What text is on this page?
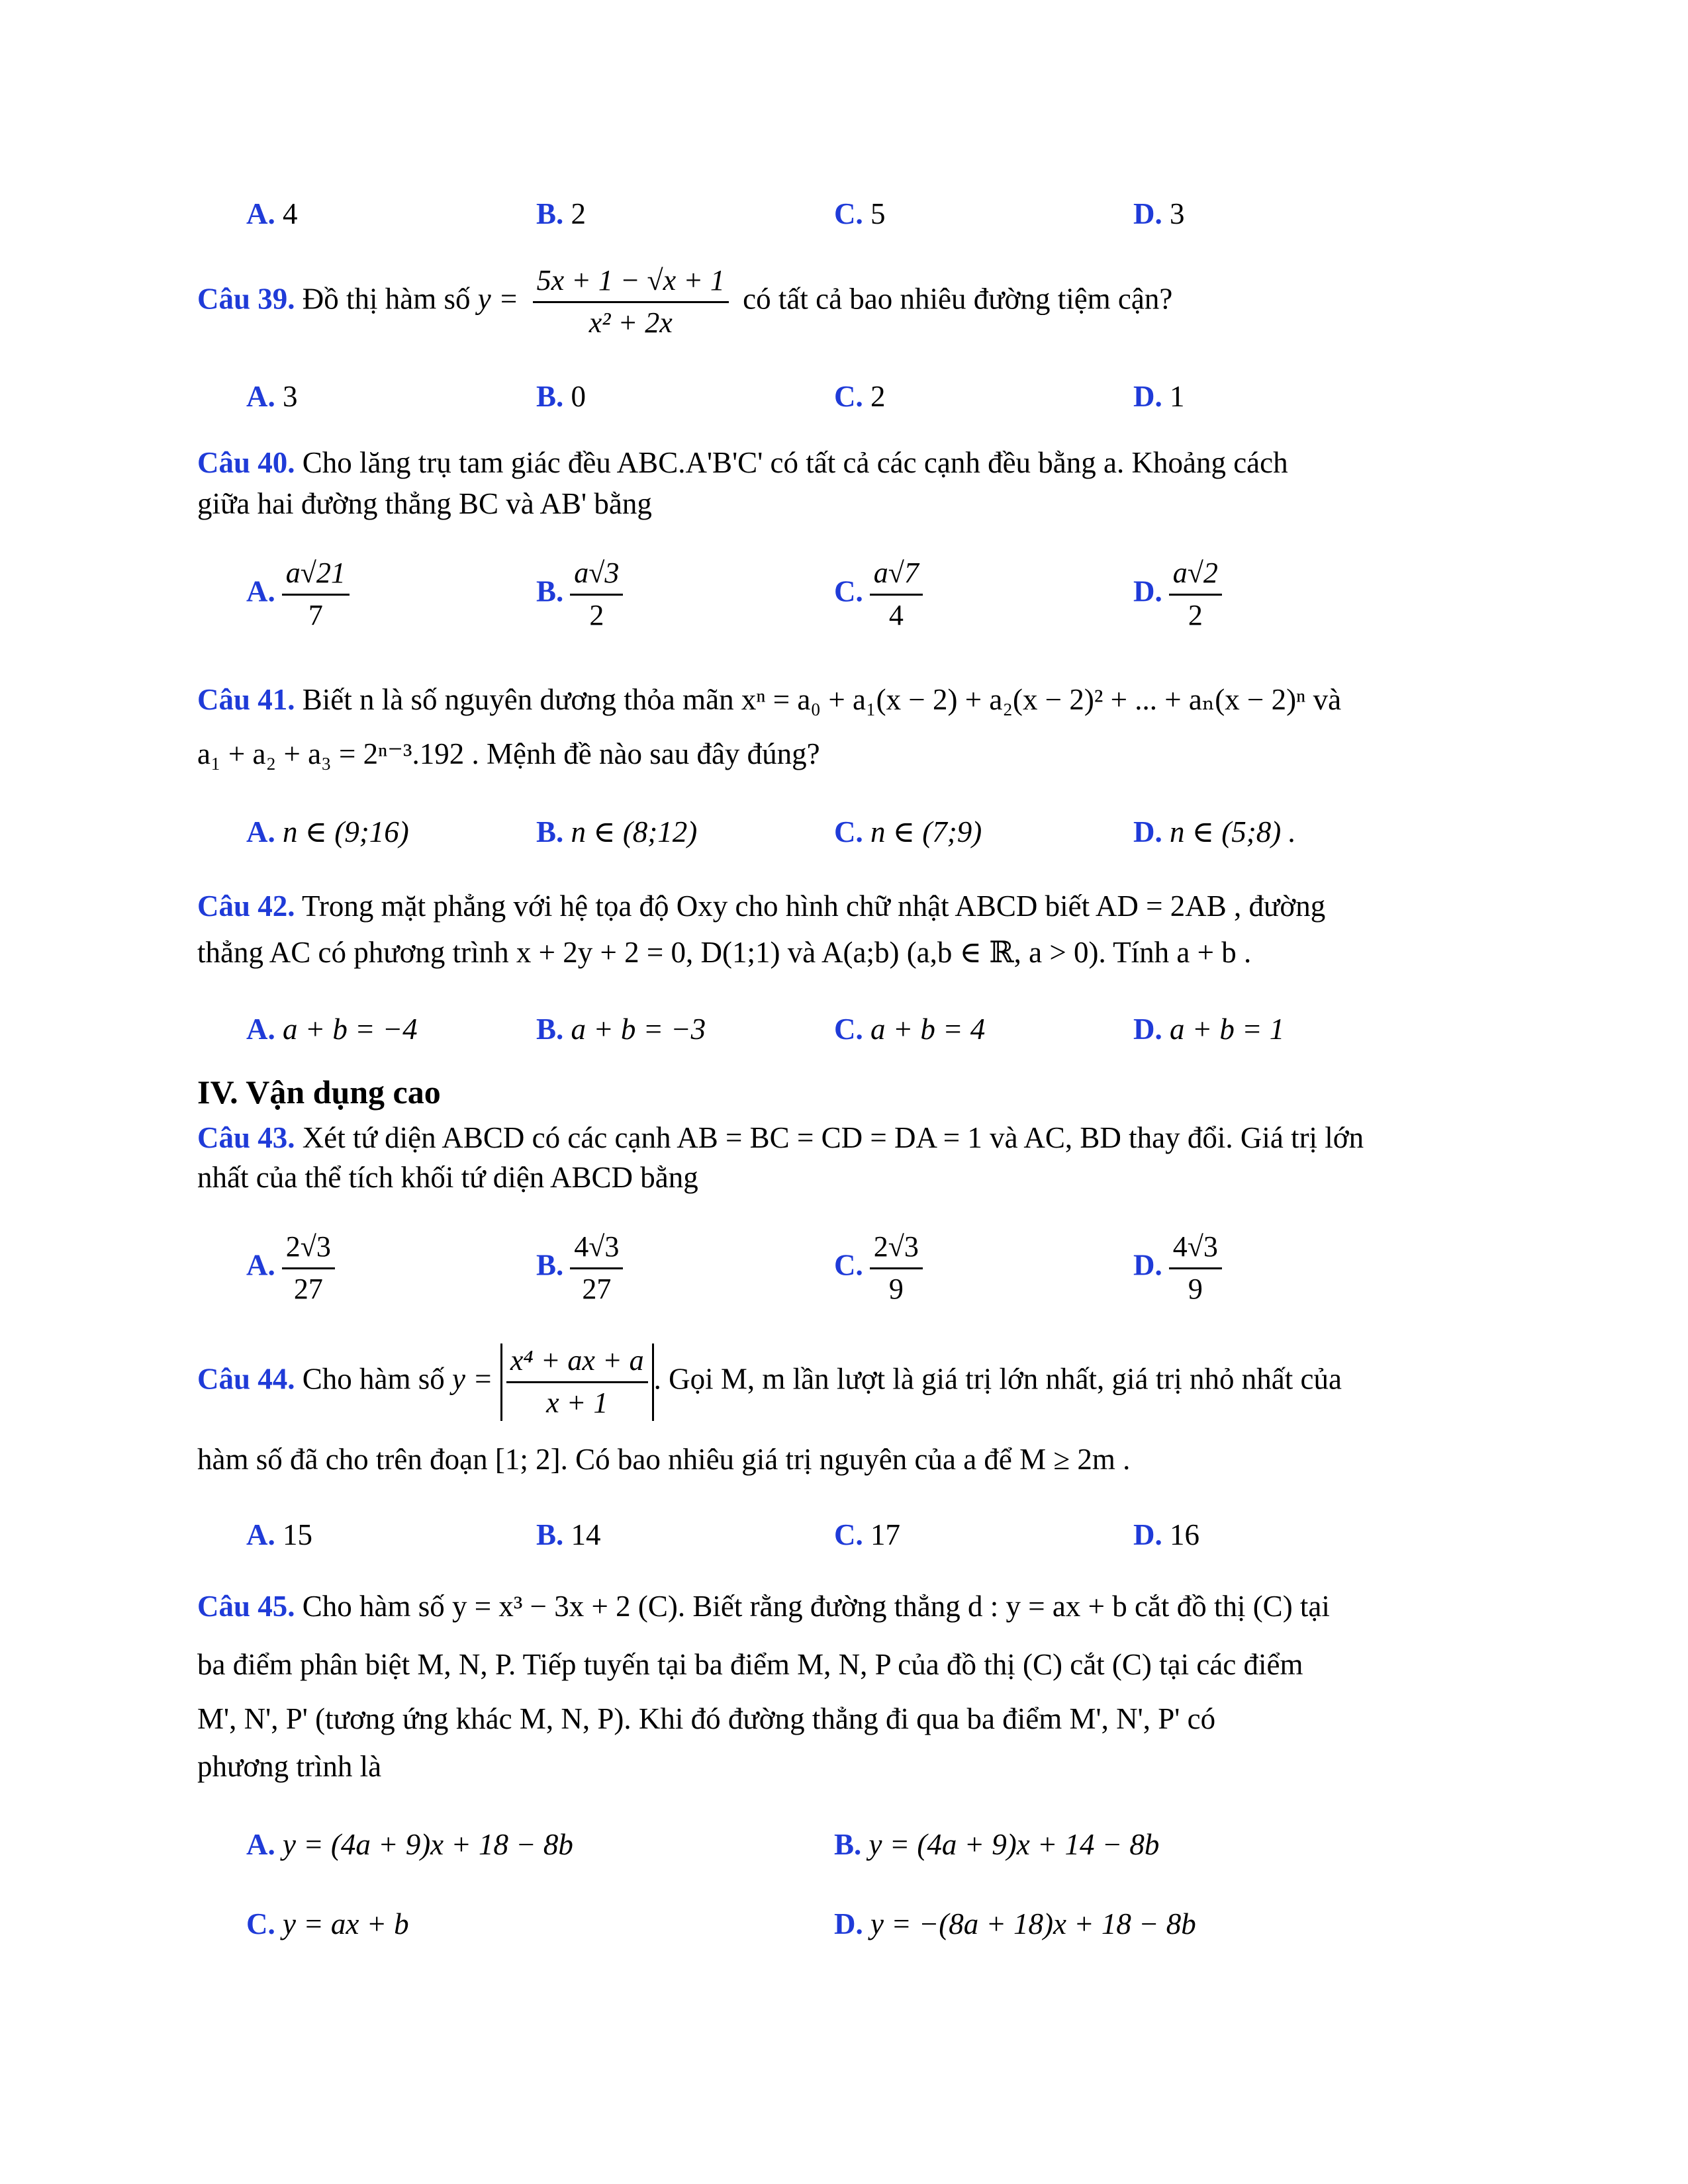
A. 4	B. 2	C. 5	D. 3
Câu 39. Đồ thị hàm số $y = \frac{5x + 1 - √x + 1}{\text{x² + 2x}}$ có tất cả bao nhiêu đường tiệm cận?
A. 3	B. 0	C. 2	D. 1
Câu 40. Cho lăng trụ tam giác đều ABC.A'B'C' có tất cả các cạnh đều bằng a. Khoảng cách
giữa hai đường thẳng BC và AB' bằng
A. $\frac{a√21}{7}$	B. $\frac{a√3}{2}$	C. $\frac{a√7}{4}$	D. $\frac{a√2}{2}$
Câu 41. Biết n là số nguyên dương thỏa mãn xⁿ = a₀ + a₁(x − 2) + a₂(x − 2)² + ... + aₙ(x − 2)ⁿ và
a₁ + a₂ + a₃ = 2ⁿ⁻³.192 . Mệnh đề nào sau đây đúng?
A. n ∈ (9;16)	B. n ∈ (8;12)	C. n ∈ (7;9)	D. n ∈ (5;8) .
Câu 42. Trong mặt phẳng với hệ tọa độ Oxy cho hình chữ nhật ABCD biết AD = 2AB , đường
thẳng AC có phương trình x + 2y + 2 = 0, D(1;1) và A(a;b) (a,b ∈ ℝ, a > 0). Tính a + b .
A. a + b = −4	B. a + b = −3	C. a + b = 4	D. a + b = 1
IV. Vận dụng cao
Câu 43. Xét tứ diện ABCD có các cạnh AB = BC = CD = DA = 1 và AC, BD thay đổi. Giá trị lớn
nhất của thể tích khối tứ diện ABCD bằng
A. $\frac{2√3}{27}$	B. $\frac{4√3}{27}$	C. $\frac{2√3}{9}$	D. $\frac{4√3}{9}$
Câu 44. Cho hàm số $y = \frac{\text{x⁴ + ax + a}}{x + 1}$ . Gọi M, m lần lượt là giá trị lớn nhất, giá trị nhỏ nhất của
hàm số đã cho trên đoạn [1; 2]. Có bao nhiêu giá trị nguyên của a để M ≥ 2m .
A. 15	B. 14	C. 17	D. 16
Câu 45. Cho hàm số y = x³ − 3x + 2 (C). Biết rằng đường thẳng d : y = ax + b cắt đồ thị (C) tại
ba điểm phân biệt M, N, P. Tiếp tuyến tại ba điểm M, N, P của đồ thị (C) cắt (C) tại các điểm
M', N', P' (tương ứng khác M, N, P). Khi đó đường thẳng đi qua ba điểm M', N', P' có
phương trình là
A. y = (4a + 9)x + 18 − 8b	B. y = (4a + 9)x + 14 − 8b
C. y = ax + b	D. y = −(8a + 18)x + 18 − 8b
